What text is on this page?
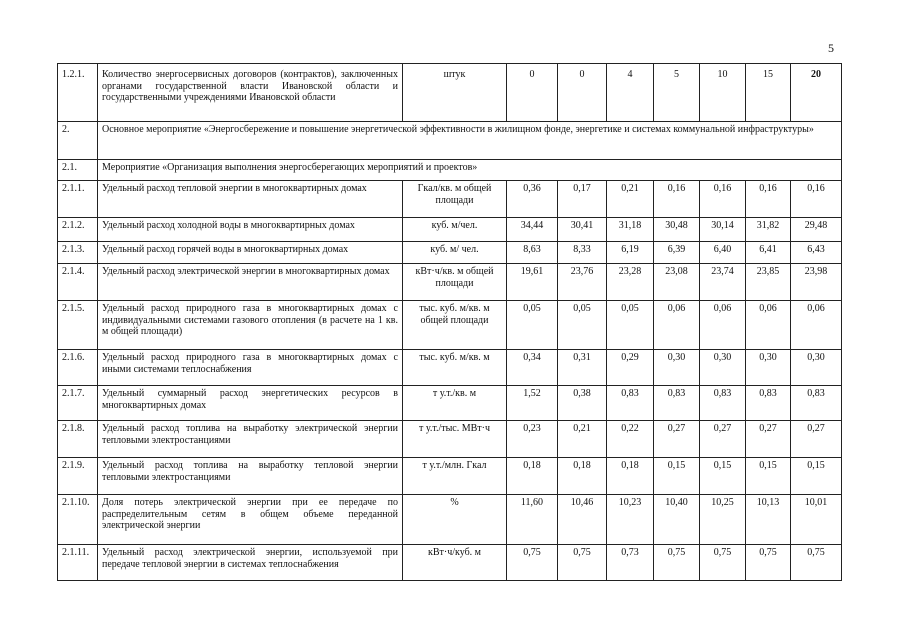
5
1.2.1.	Количество энергосервисных договоров (контрактов), заключенных органами государственной власти Ивановской области и государственными учреждениями Ивановской области	штук	0	0	4	5	10	15	20
2.	Основное мероприятие «Энергосбережение и повышение энергетической эффективности в жилищном фонде, энергетике и системах коммунальной инфраструктуры»								
2.1.	Мероприятие «Организация выполнения энергосберегающих мероприятий и проектов»								
2.1.1.	Удельный расход тепловой энергии в многоквартирных домах	Гкал/кв. м общей площади	0,36	0,17	0,21	0,16	0,16	0,16	0,16
2.1.2.	Удельный расход холодной воды в многоквартирных домах	куб. м/чел.	34,44	30,41	31,18	30,48	30,14	31,82	29,48
2.1.3.	Удельный расход горячей воды в многоквартирных домах	куб. м/ чел.	8,63	8,33	6,19	6,39	6,40	6,41	6,43
2.1.4.	Удельный расход электрической энергии в многоквартирных домах	кВт·ч/кв. м общей площади	19,61	23,76	23,28	23,08	23,74	23,85	23,98
2.1.5.	Удельный расход природного газа в многоквартирных домах с индивидуальными системами газового отопления (в расчете на 1 кв. м общей площади)	тыс. куб. м/кв. м общей площади	0,05	0,05	0,05	0,06	0,06	0,06	0,06
2.1.6.	Удельный расход природного газа в многоквартирных домах с иными системами теплоснабжения	тыс. куб. м/кв. м	0,34	0,31	0,29	0,30	0,30	0,30	0,30
2.1.7.	Удельный суммарный расход энергетических ресурсов в многоквартирных домах	т у.т./кв. м	1,52	0,38	0,83	0,83	0,83	0,83	0,83
2.1.8.	Удельный расход топлива на выработку электрической энергии тепловыми электростанциями	т у.т./тыс. МВт·ч	0,23	0,21	0,22	0,27	0,27	0,27	0,27
2.1.9.	Удельный расход топлива на выработку тепловой энергии тепловыми электростанциями	т у.т./млн. Гкал	0,18	0,18	0,18	0,15	0,15	0,15	0,15
2.1.10.	Доля потерь электрической энергии при ее передаче по распределительным сетям в общем объеме переданной электрической энергии	%	11,60	10,46	10,23	10,40	10,25	10,13	10,01
2.1.11.	Удельный расход электрической энергии, используемой при передаче тепловой энергии в системах теплоснабжения	кВт·ч/куб. м	0,75	0,75	0,73	0,75	0,75	0,75	0,75
